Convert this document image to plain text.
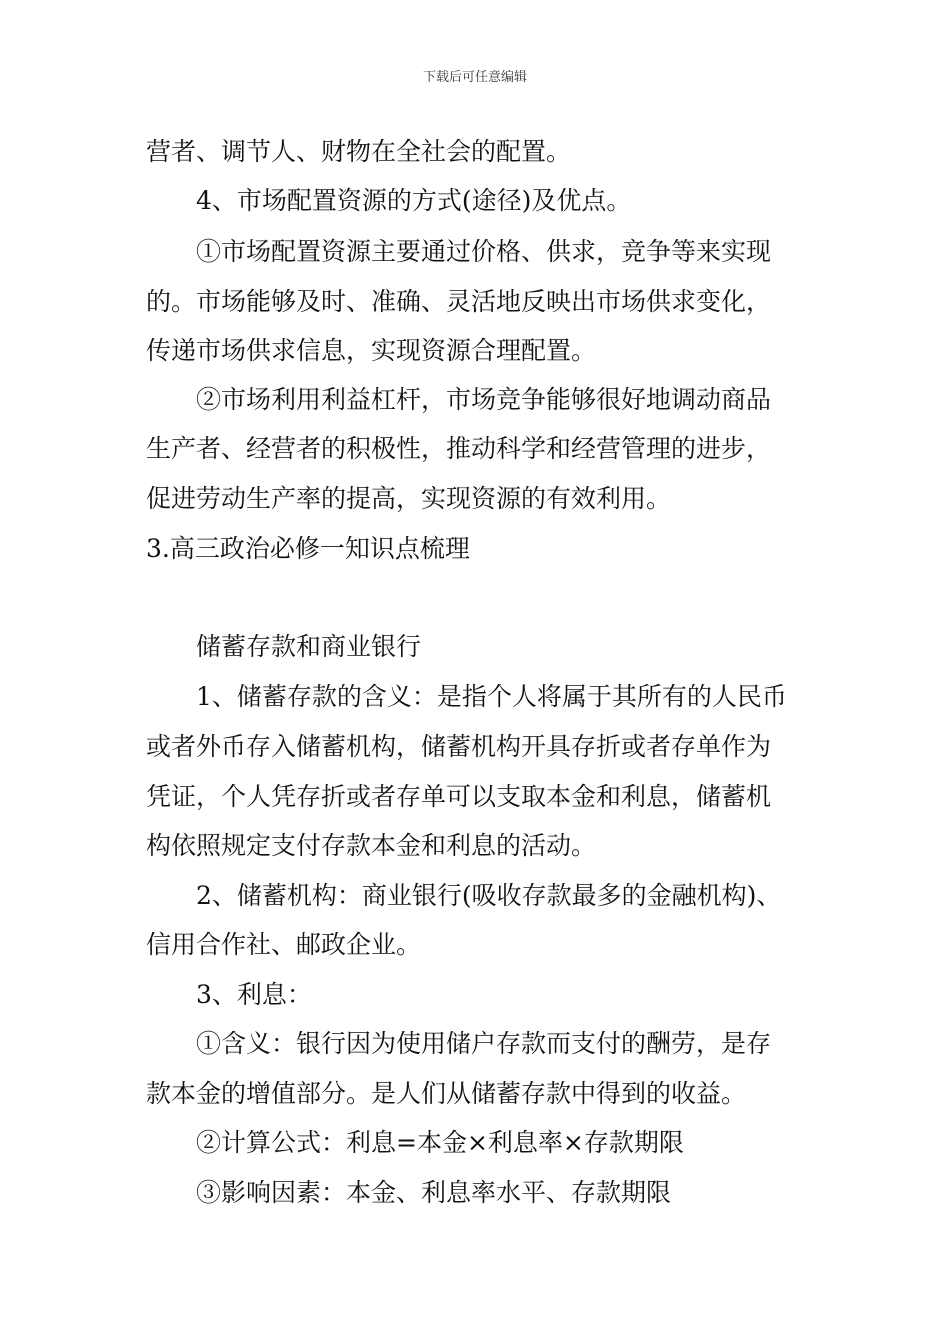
下载后可任意编辑
营者、调节人、财物在全社会的配置。
4、市场配置资源的方式(途径)及优点。
①市场配置资源主要通过价格、供求，竞争等来实现
的。市场能够及时、准确、灵活地反映出市场供求变化，
传递市场供求信息，实现资源合理配置。
②市场利用利益杠杆，市场竞争能够很好地调动商品
生产者、经营者的积极性，推动科学和经营管理的进步，
促进劳动生产率的提高，实现资源的有效利用。
3.高三政治必修一知识点梳理
储蓄存款和商业银行
1、储蓄存款的含义：是指个人将属于其所有的人民币
或者外币存入储蓄机构，储蓄机构开具存折或者存单作为
凭证，个人凭存折或者存单可以支取本金和利息，储蓄机
构依照规定支付存款本金和利息的活动。
2、储蓄机构：商业银行(吸收存款最多的金融机构)、
信用合作社、邮政企业。
3、利息：
①含义：银行因为使用储户存款而支付的酬劳，是存
款本金的增值部分。是人们从储蓄存款中得到的收益。
②计算公式：利息=本金×利息率×存款期限
③影响因素：本金、利息率水平、存款期限
